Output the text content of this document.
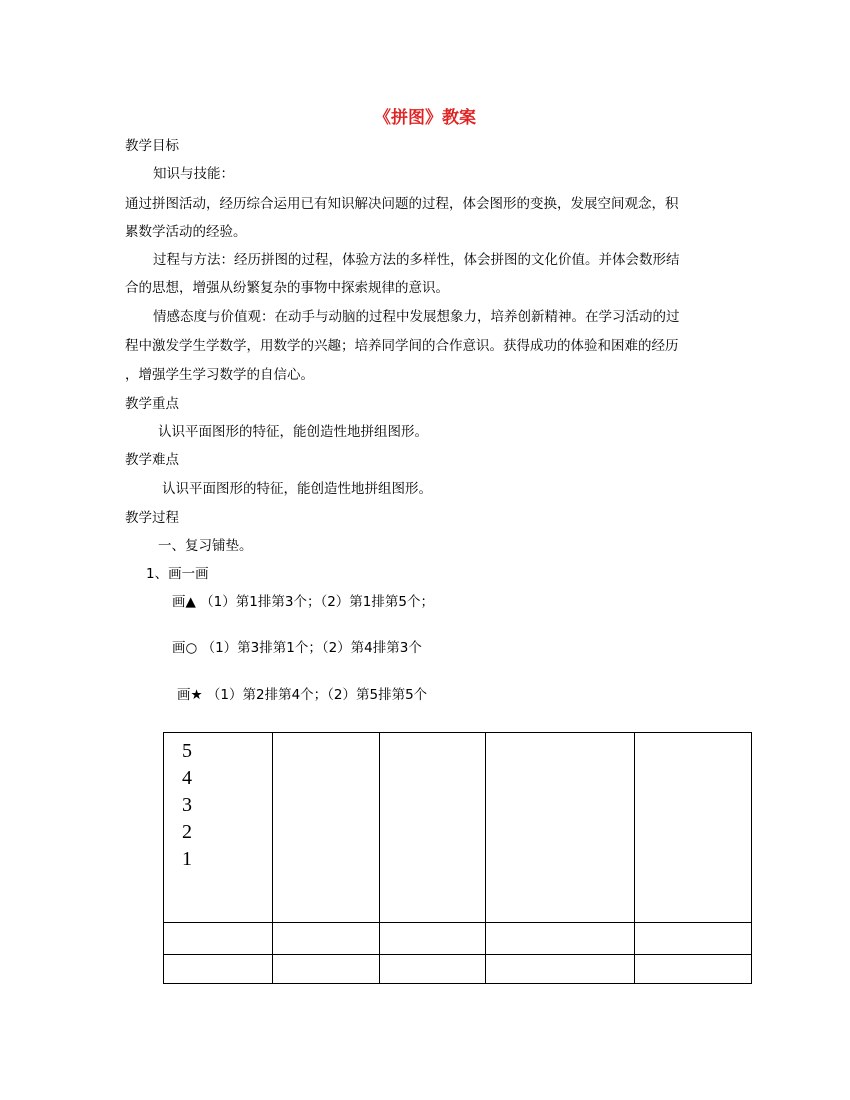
《拼图》教案
教学目标
知识与技能：
通过拼图活动，经历综合运用已有知识解决问题的过程，体会图形的变换，发展空间观念，积
累数学活动的经验。
过程与方法：经历拼图的过程，体验方法的多样性，体会拼图的文化价值。并体会数形结
合的思想，增强从纷繁复杂的事物中探索规律的意识。
情感态度与价值观：在动手与动脑的过程中发展想象力，培养创新精神。在学习活动的过
程中激发学生学数学，用数学的兴趣；培养同学间的合作意识。获得成功的体验和困难的经历
，增强学生学习数学的自信心。
教学重点
认识平面图形的特征，能创造性地拼组图形。
教学难点
认识平面图形的特征，能创造性地拼组图形。
教学过程
一、复习铺垫。
1、画一画
画▲ （1）第1排第3个；（2）第1排第5个；
画○ （1）第3排第1个；（2）第4排第3个
画★ （1）第2排第4个；（2）第5排第5个
5
4
3
2
1
